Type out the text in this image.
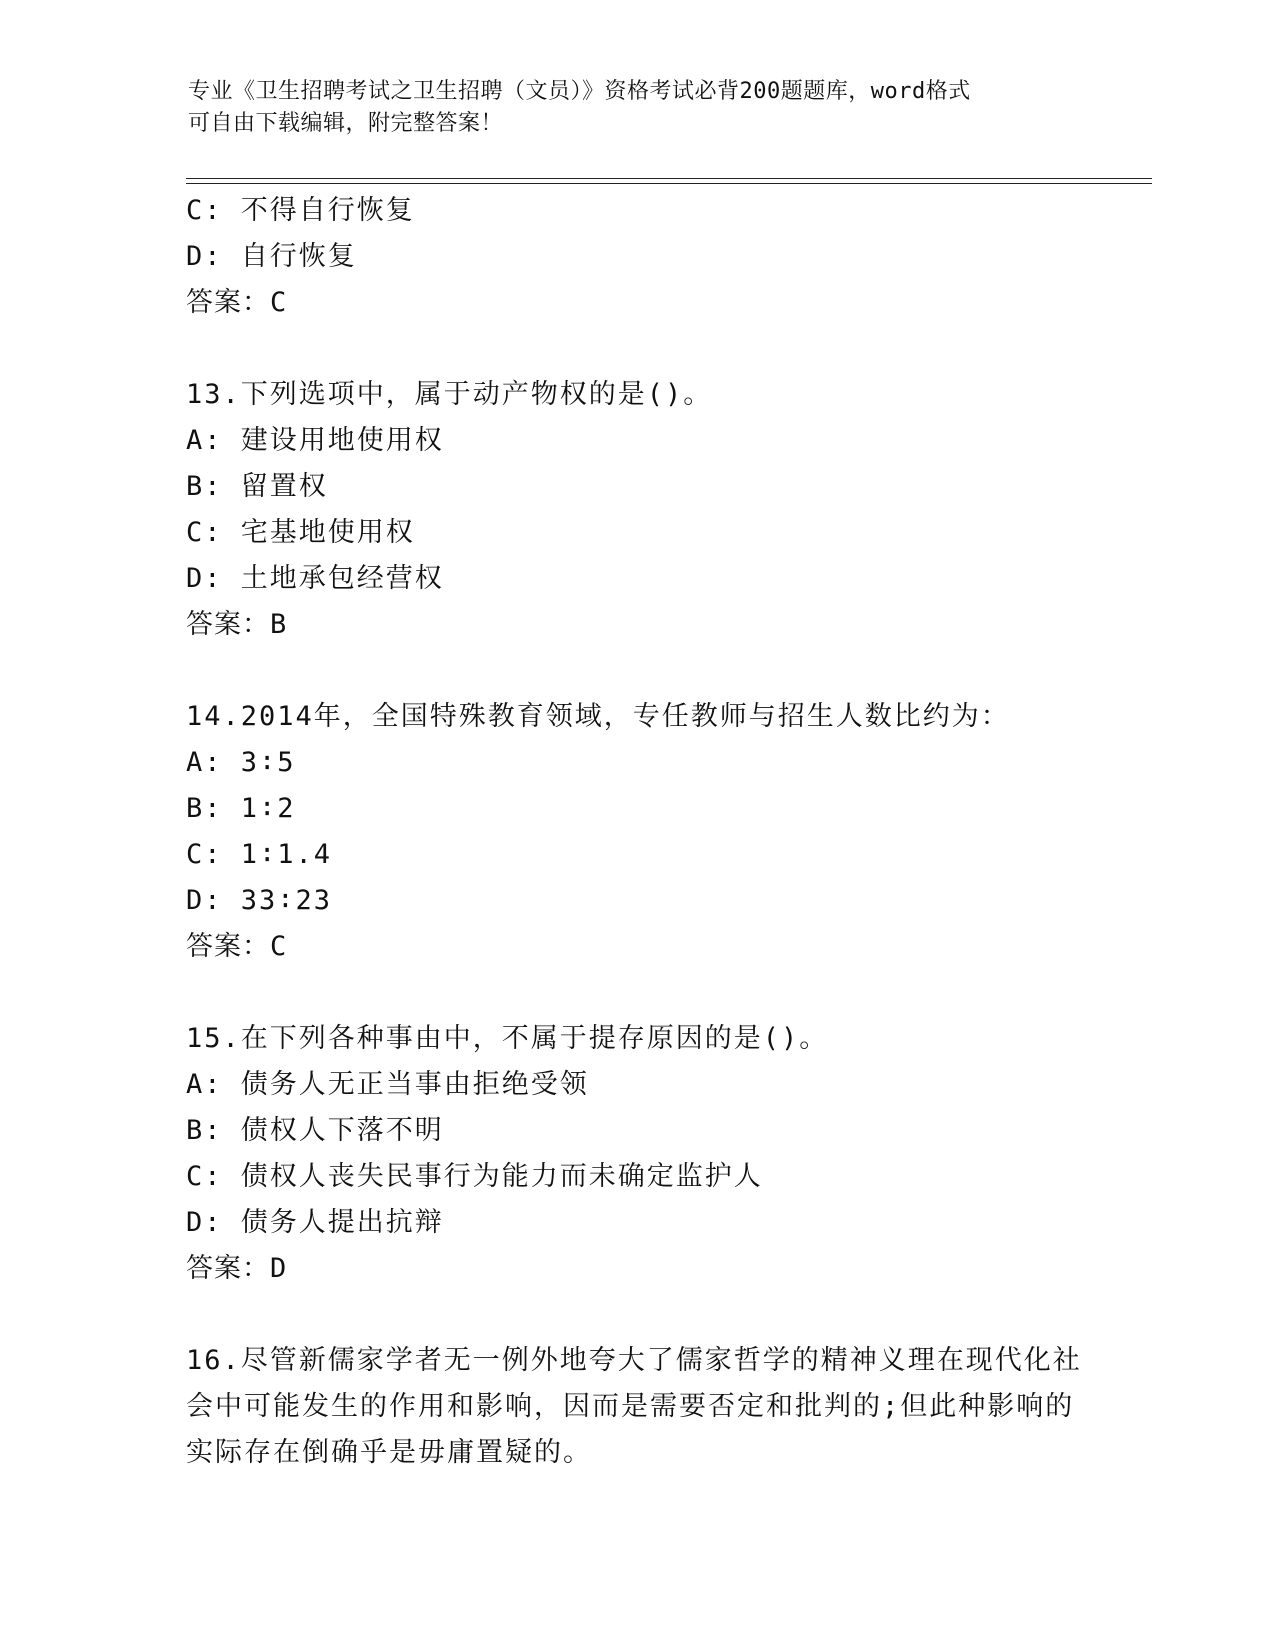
专业《卫生招聘考试之卫生招聘（文员）》资格考试必背200题题库，word格式
可自由下载编辑，附完整答案！
C: 不得自行恢复
D: 自行恢复
答案：C
13.下列选项中，属于动产物权的是()。
A: 建设用地使用权
B: 留置权
C: 宅基地使用权
D: 土地承包经营权
答案：B
14.2014年，全国特殊教育领域，专任教师与招生人数比约为：
A: 3∶5
B: 1∶2
C: 1∶1.4
D: 33∶23
答案：C
15.在下列各种事由中，不属于提存原因的是()。
A: 债务人无正当事由拒绝受领
B: 债权人下落不明
C: 债权人丧失民事行为能力而未确定监护人
D: 债务人提出抗辩
答案：D
16.尽管新儒家学者无一例外地夸大了儒家哲学的精神义理在现代化社
会中可能发生的作用和影响，因而是需要否定和批判的;但此种影响的
实际存在倒确乎是毋庸置疑的。
